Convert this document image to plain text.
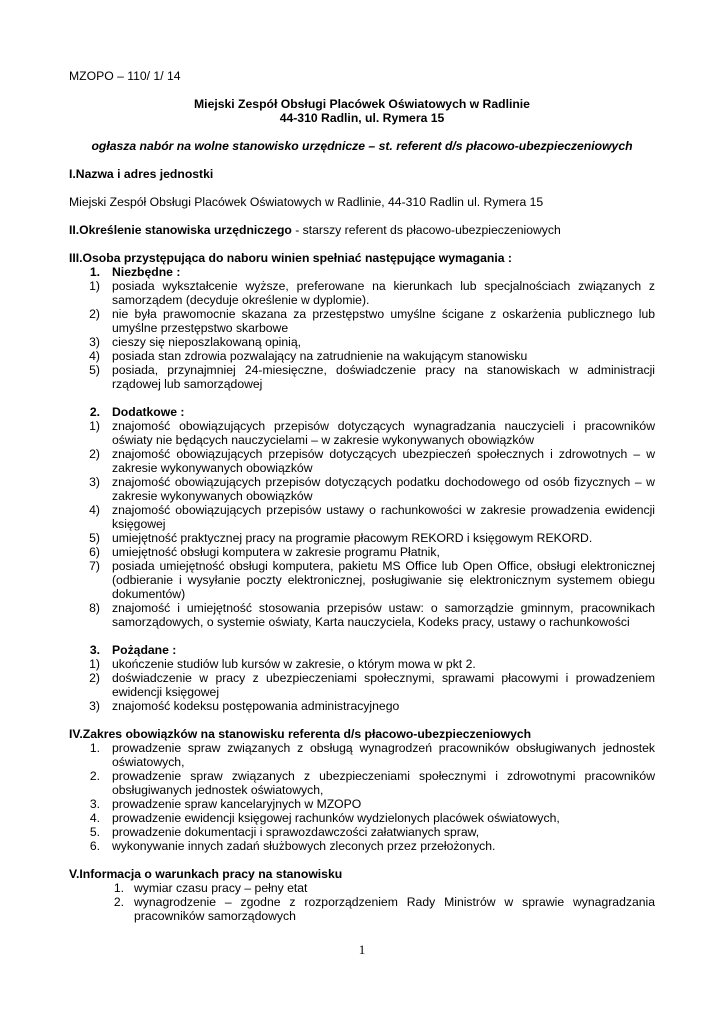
MZOPO – 110/ 1/ 14
Miejski Zespół Obsługi Placówek Oświatowych w Radlinie
44-310 Radlin, ul. Rymera 15
ogłasza nabór na wolne stanowisko urzędnicze – st. referent d/s płacowo-ubezpieczeniowych
I.Nazwa i adres jednostki
Miejski Zespół Obsługi Placówek Oświatowych w Radlinie, 44-310 Radlin ul. Rymera 15
II.Określenie stanowiska urzędniczego - starszy referent ds płacowo-ubezpieczeniowych
III.Osoba przystępująca do naboru winien spełniać następujące wymagania :
1. Niezbędne :
1) posiada wykształcenie wyższe, preferowane na kierunkach lub specjalnościach związanych z samorządem (decyduje określenie w dyplomie).
2) nie była prawomocnie skazana za przestępstwo umyślne ścigane z oskarżenia publicznego lub umyślne przestępstwo skarbowe
3) cieszy się nieposzlakowaną opinią,
4) posiada stan zdrowia pozwalający na zatrudnienie na wakującym stanowisku
5) posiada, przynajmniej 24-miesięczne, doświadczenie pracy na stanowiskach w administracji rządowej lub samorządowej
2. Dodatkowe :
1) znajomość obowiązujących przepisów dotyczących wynagradzania nauczycieli i pracowników oświaty nie będących nauczycielami – w zakresie wykonywanych obowiązków
2) znajomość obowiązujących przepisów dotyczących ubezpieczeń społecznych i zdrowotnych – w zakresie wykonywanych obowiązków
3) znajomość obowiązujących przepisów dotyczących podatku dochodowego od osób fizycznych – w zakresie wykonywanych obowiązków
4) znajomość obowiązujących przepisów ustawy o rachunkowości w zakresie prowadzenia ewidencji księgowej
5) umiejętność praktycznej pracy na programie płacowym REKORD i księgowym REKORD.
6) umiejętność obsługi komputera w zakresie programu Płatnik,
7) posiada umiejętność obsługi komputera, pakietu MS Office lub Open Office, obsługi elektronicznej (odbieranie i wysyłanie poczty elektronicznej, posługiwanie się elektronicznym systemem obiegu dokumentów)
8) znajomość i umiejętność stosowania przepisów ustaw: o samorządzie gminnym, pracownikach samorządowych, o systemie oświaty, Karta nauczyciela, Kodeks pracy, ustawy o rachunkowości
3. Pożądane :
1) ukończenie studiów lub kursów w zakresie, o którym mowa w pkt 2.
2) doświadczenie w pracy z ubezpieczeniami społecznymi, sprawami płacowymi i prowadzeniem ewidencji księgowej
3) znajomość kodeksu postępowania administracyjnego
IV.Zakres obowiązków na stanowisku referenta d/s płacowo-ubezpieczeniowych
1. prowadzenie spraw związanych z obsługą wynagrodzeń pracowników obsługiwanych jednostek oświatowych,
2. prowadzenie spraw związanych z ubezpieczeniami społecznymi i zdrowotnymi pracowników obsługiwanych jednostek oświatowych,
3. prowadzenie spraw kancelaryjnych w MZOPO
4. prowadzenie ewidencji księgowej rachunków wydzielonych placówek oświatowych,
5. prowadzenie dokumentacji i sprawozdawczości załatwianych spraw,
6. wykonywanie innych zadań służbowych zleconych przez przełożonych.
V.Informacja o warunkach pracy na stanowisku
1. wymiar czasu pracy – pełny etat
2. wynagrodzenie – zgodne z rozporządzeniem Rady Ministrów w sprawie wynagradzania pracowników samorządowych
1
